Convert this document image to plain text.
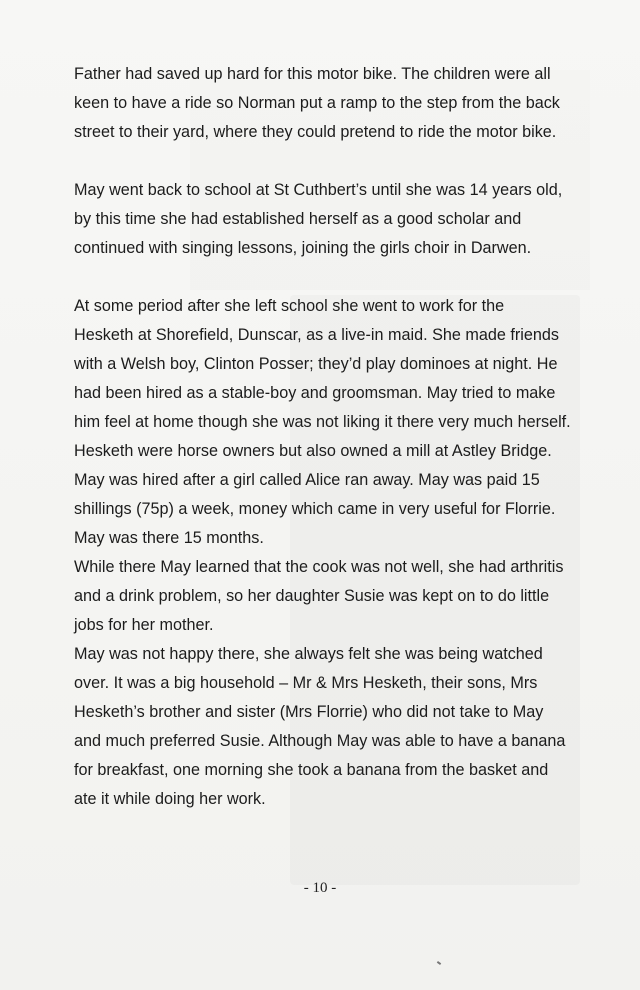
Father had saved up hard for this motor bike. The children were all
keen to have a ride so Norman put a ramp to the step from the back
street to their yard, where they could pretend to ride the motor bike.

May went back to school at St Cuthbert’s until she was 14 years old,
by this time she had established herself as a good scholar and
continued with singing lessons, joining the girls choir in Darwen.

At some period after she left school she went to work for the
Hesketh at Shorefield, Dunscar, as a live-in maid. She made friends
with a Welsh boy, Clinton Posser; they’d play dominoes at night. He
had been hired as a stable-boy and groomsman. May tried to make
him feel at home though she was not liking it there very much herself.
Hesketh were horse owners but also owned a mill at Astley Bridge.
May was hired after a girl called Alice ran away. May was paid 15
shillings (75p) a week, money which came in very useful for Florrie.
May was there 15 months.

While there May learned that the cook was not well, she had arthritis
and a drink problem, so her daughter Susie was kept on to do little
jobs for her mother.

May was not happy there, she always felt she was being watched
over. It was a big household – Mr & Mrs Hesketh, their sons, Mrs
Hesketh’s brother and sister (Mrs Florrie) who did not take to May
and much preferred Susie. Although May was able to have a banana
for breakfast, one morning she took a banana from the basket and
ate it while doing her work.

- 10 -
